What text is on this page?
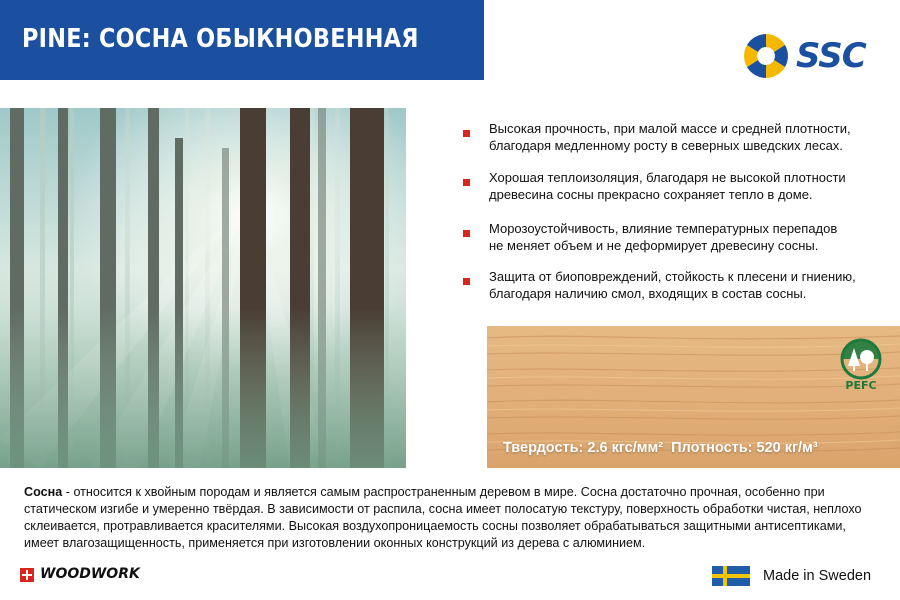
PINE: СОСНА ОБЫКНОВЕННАЯ	SSC
Высокая прочность, при малой массе и средней плотности,
благодаря медленному росту в северных шведских лесах.
Хорошая теплоизоляция, благодаря не высокой плотности
древесина сосны прекрасно сохраняет тепло в доме.
Морозоустойчивость, влияние температурных перепадов
не меняет объем и не деформирует древесину сосны.
Защита от биоповреждений, стойкость к плесени и гниению,
благодаря наличию смол, входящих в состав сосны.
PEFC
Твердость: 2.6 кгс/мм² Плотность: 520 кг/м³
Сосна - относится к хвойным породам и является самым распространенным деревом в мире. Сосна достаточно прочная, особенно при статическом изгибе и умеренно твёрдая. В зависимости от распила, сосна имеет полосатую текстуру, поверхность обработки чистая, неплохо склеивается, протравливается красителями. Высокая воздухопроницаемость сосны позволяет обрабатываться защитными антисептиками, имеет влагозащищенность, применяется при изготовлении оконных конструкций из дерева с алюминием.
WOODWORK	Made in Sweden
